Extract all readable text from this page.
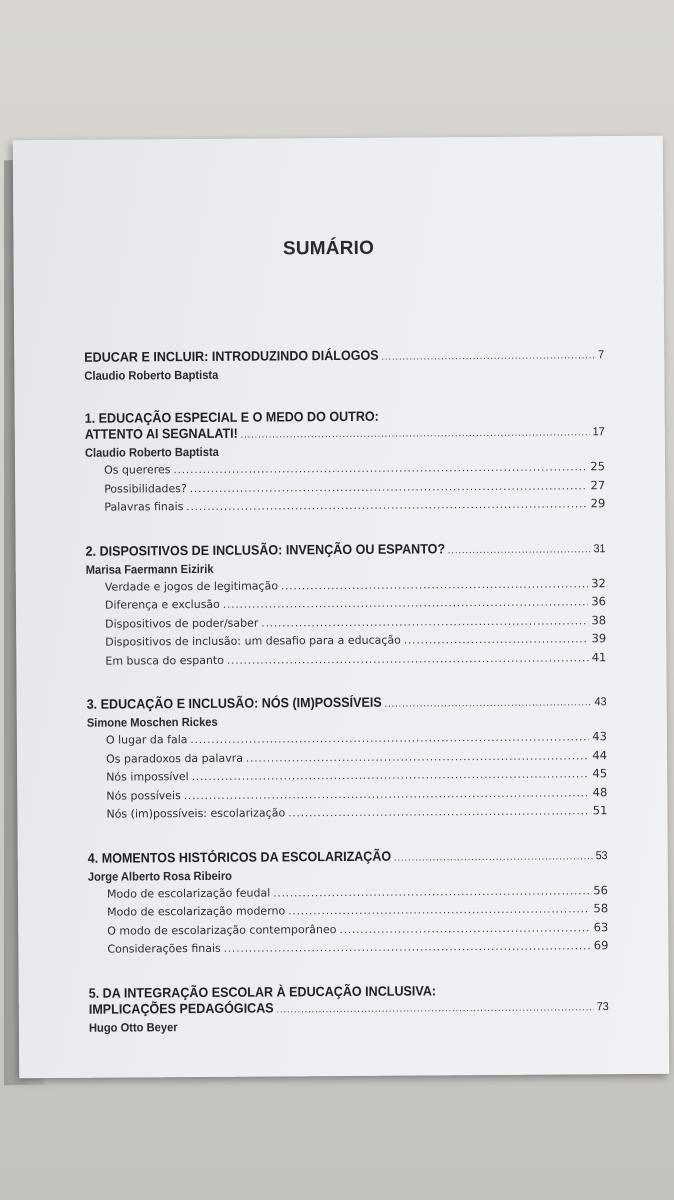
SUMÁRIO
EDUCAR E INCLUIR: INTRODUZINDO DIÁLOGOS .....	7
Claudio Roberto Baptista
1. EDUCAÇÃO ESPECIAL E O MEDO DO OUTRO:
ATTENTO AI SEGNALATI! .....	17
Claudio Roberto Baptista
Os quereres .....	25
Possibilidades? .....	27
Palavras finais .....	29
2. DISPOSITIVOS DE INCLUSÃO: INVENÇÃO OU ESPANTO? .....	31
Marisa Faermann Eizirik
Verdade e jogos de legitimação .....	32
Diferença e exclusão .....	36
Dispositivos de poder/saber .....	38
Dispositivos de inclusão: um desafio para a educação .....	39
Em busca do espanto .....	41
3. EDUCAÇÃO E INCLUSÃO: NÓS (IM)POSSÍVEIS .....	43
Simone Moschen Rickes
O lugar da fala .....	43
Os paradoxos da palavra .....	44
Nós impossível .....	45
Nós possíveis .....	48
Nós (im)possíveis: escolarização .....	51
4. MOMENTOS HISTÓRICOS DA ESCOLARIZAÇÃO .....	53
Jorge Alberto Rosa Ribeiro
Modo de escolarização feudal .....	56
Modo de escolarização moderno .....	58
O modo de escolarização contemporâneo .....	63
Considerações finais .....	69
5. DA INTEGRAÇÃO ESCOLAR À EDUCAÇÃO INCLUSIVA:
IMPLICAÇÕES PEDAGÓGICAS .....	73
Hugo Otto Beyer
